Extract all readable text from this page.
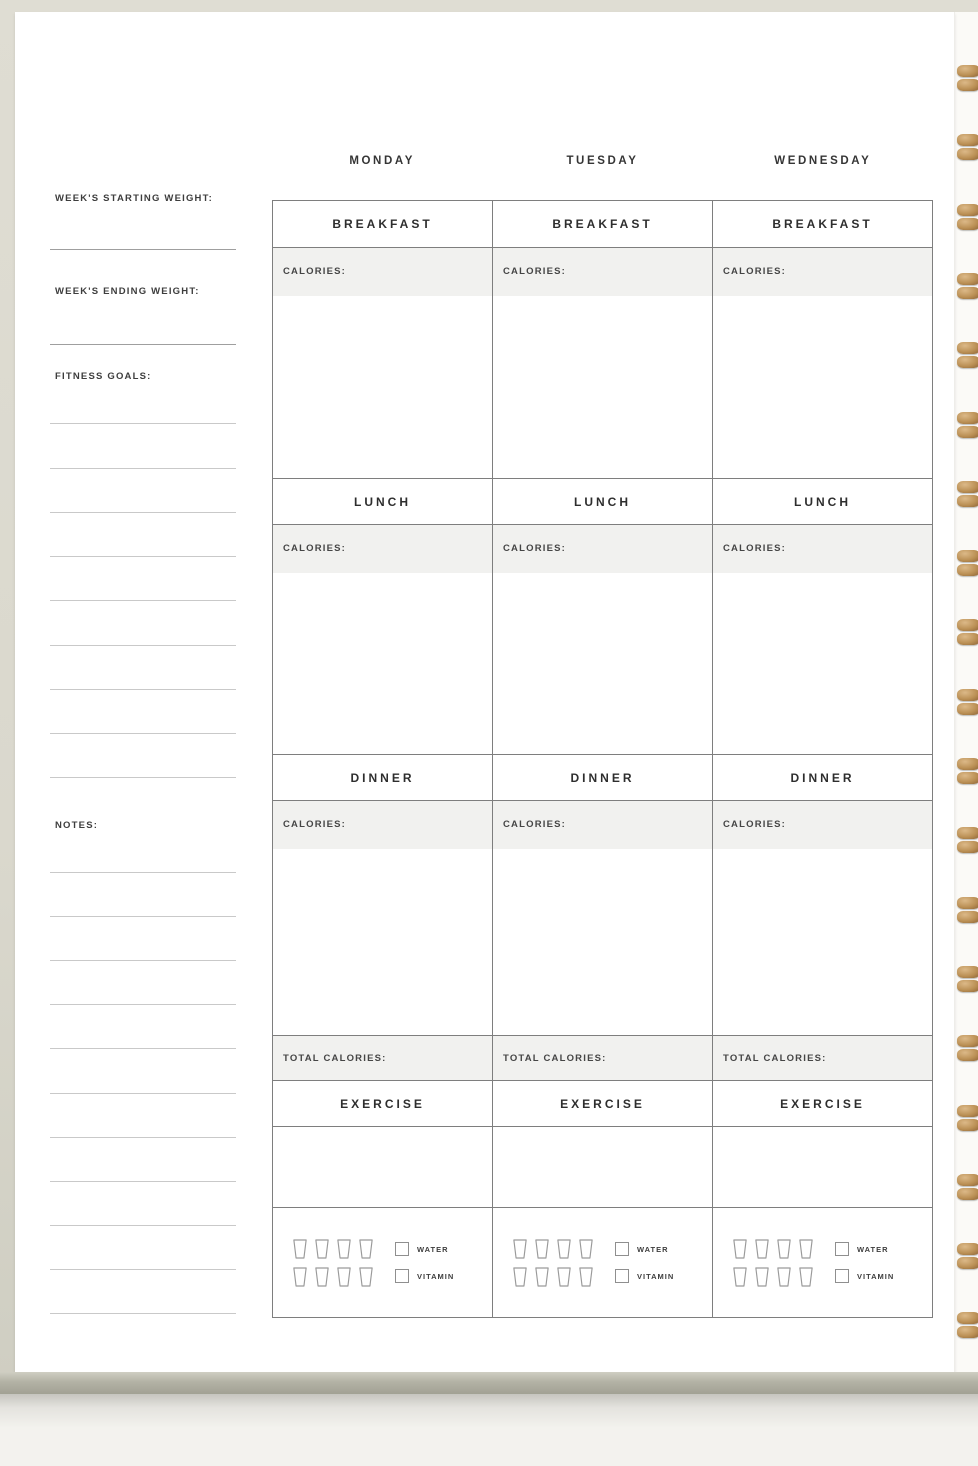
WEEK'S STARTING WEIGHT:
WEEK'S ENDING WEIGHT:
FITNESS GOALS:
NOTES:
MONDAY	TUESDAY	WEDNESDAY
BREAKFAST
CALORIES:
LUNCH
CALORIES:
DINNER
CALORIES:
TOTAL CALORIES:
EXERCISE
WATER
VITAMIN
BREAKFAST
CALORIES:
LUNCH
CALORIES:
DINNER
CALORIES:
TOTAL CALORIES:
EXERCISE
WATER
VITAMIN
BREAKFAST
CALORIES:
LUNCH
CALORIES:
DINNER
CALORIES:
TOTAL CALORIES:
EXERCISE
WATER
VITAMIN
